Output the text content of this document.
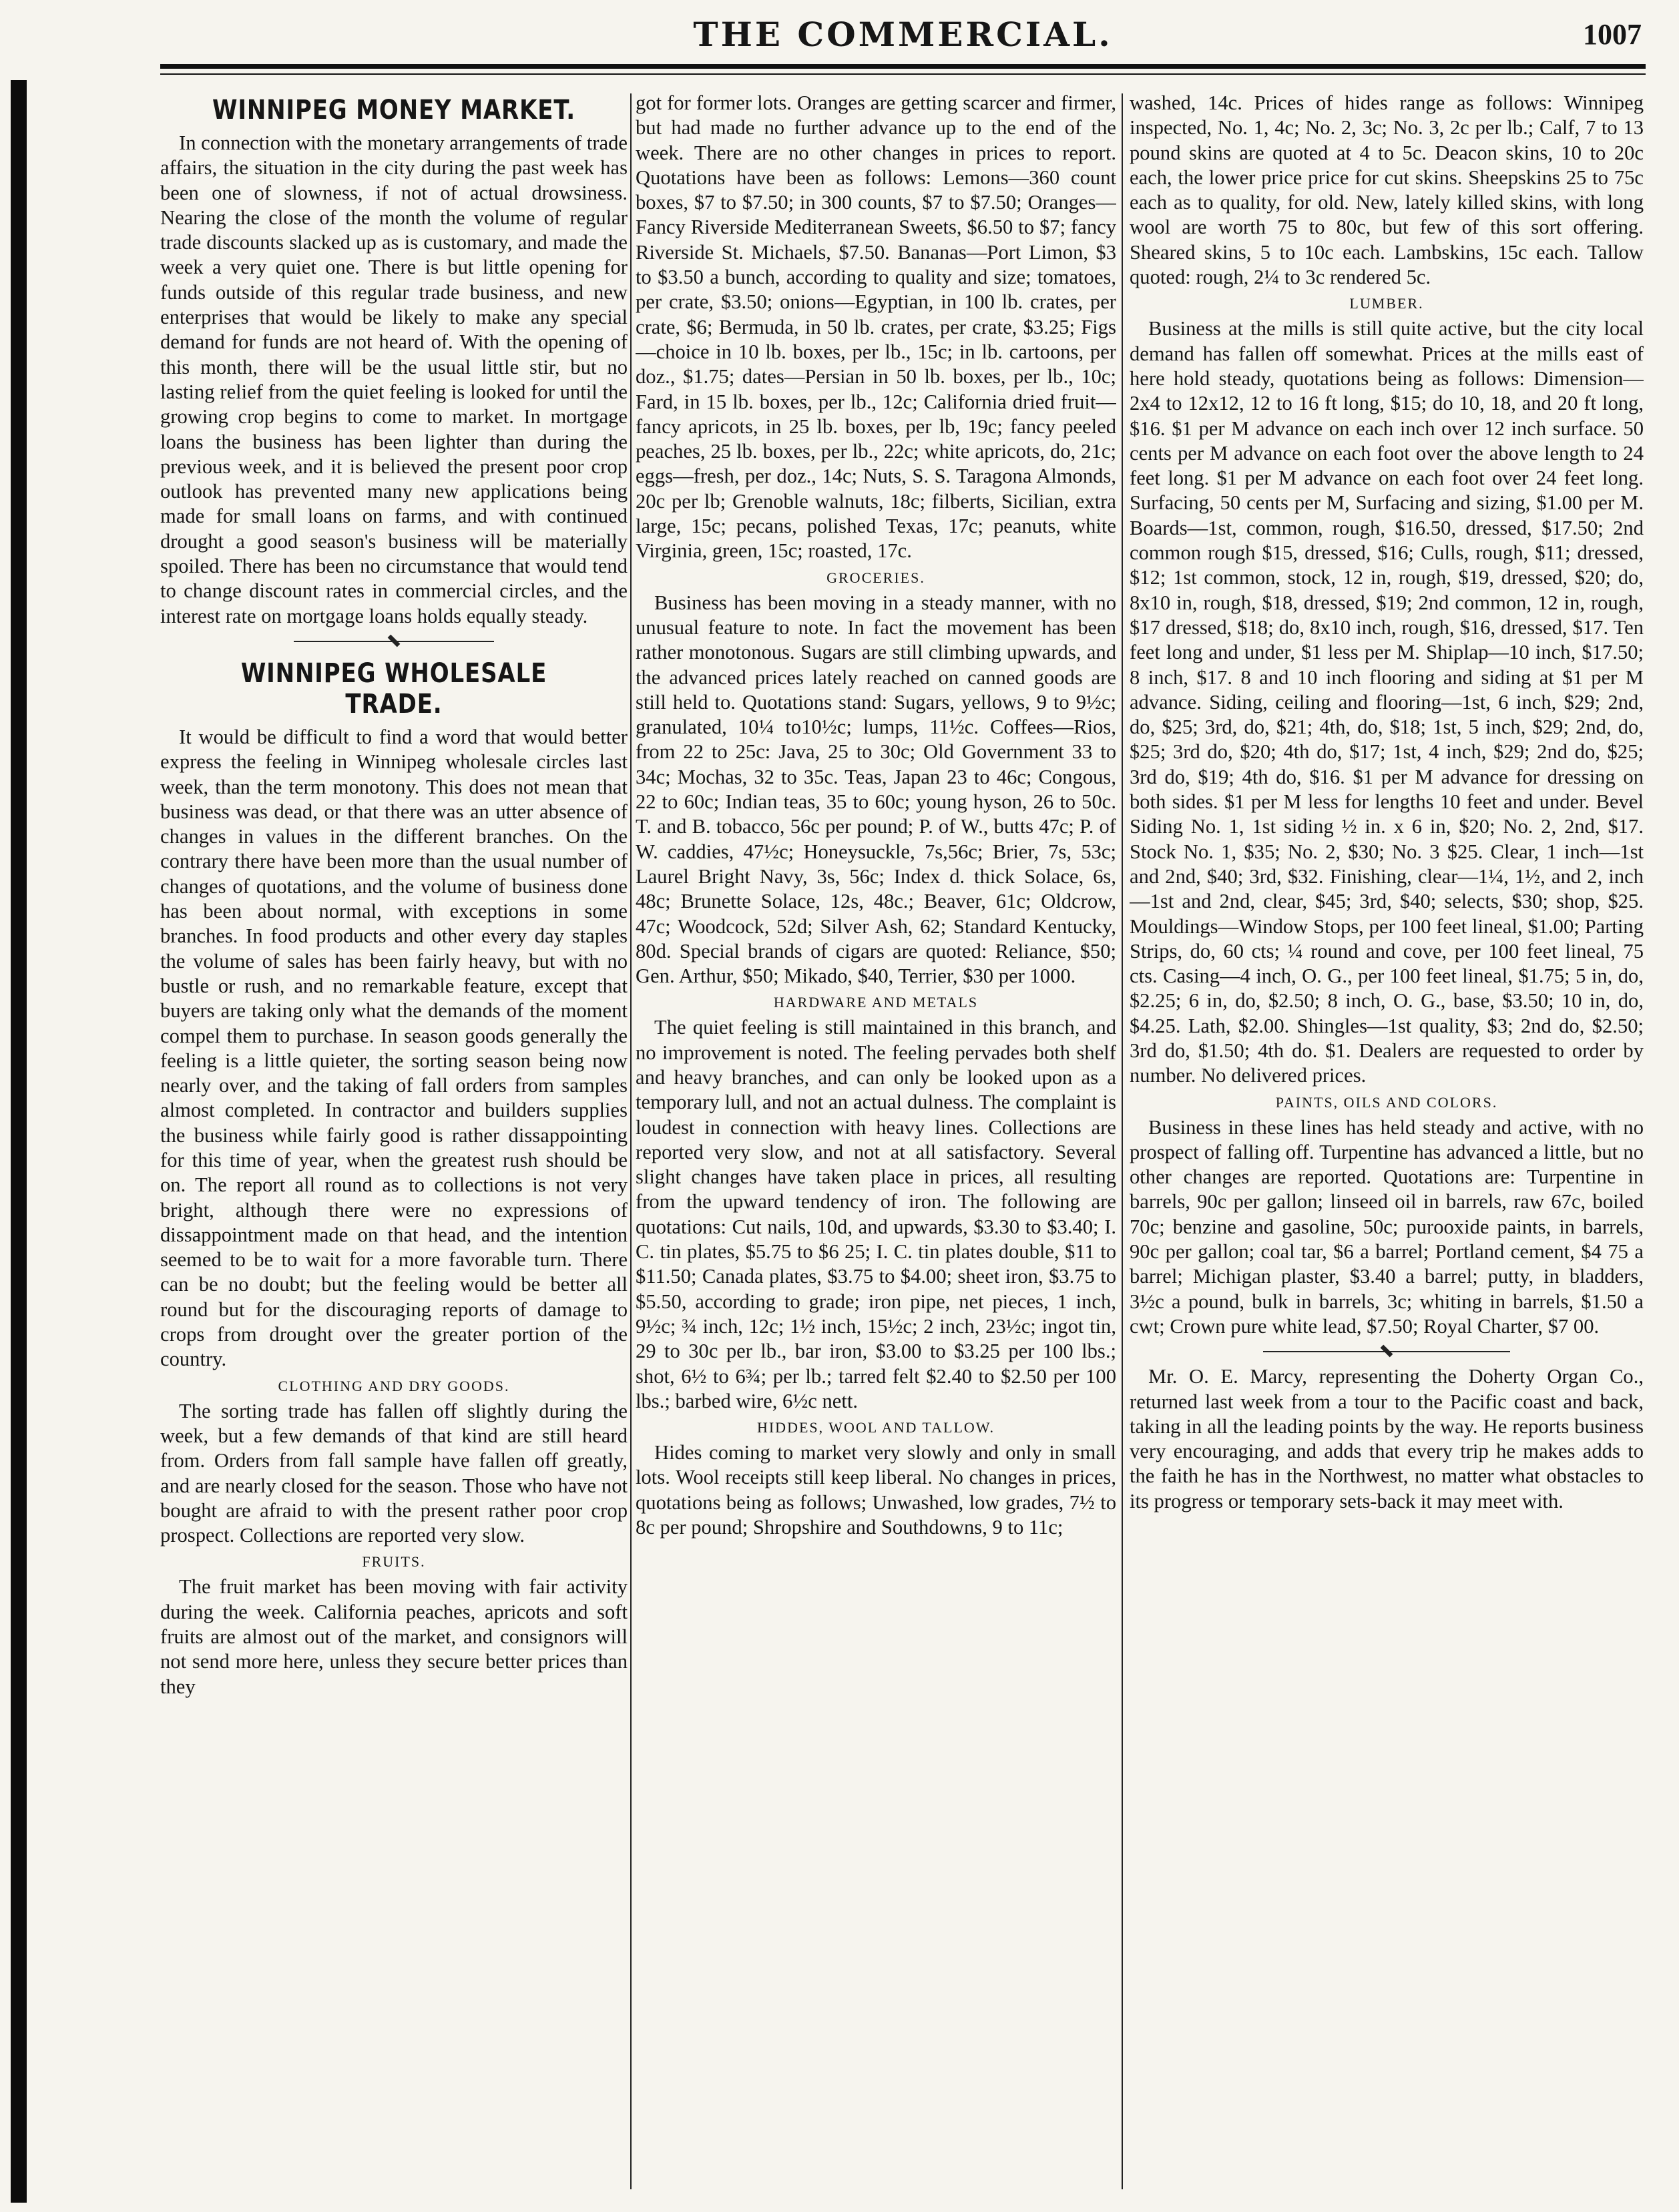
THE COMMERCIAL.	1007
WINNIPEG MONEY MARKET.

In connection with the monetary arrangements of trade affairs, the situation in the city during the past week has been one of slowness, if not of actual drowsiness. Nearing the close of the month the volume of regular trade discounts slacked up as is customary, and made the week a very quiet one. There is but little opening for funds outside of this regular trade business, and new enterprises that would be likely to make any special demand for funds are not heard of. With the opening of this month, there will be the usual little stir, but no lasting relief from the quiet feeling is looked for until the growing crop begins to come to market. In mortgage loans the business has been lighter than during the previous week, and it is believed the present poor crop outlook has prevented many new applications being made for small loans on farms, and with continued drought a good season's business will be materially spoiled. There has been no circumstance that would tend to change discount rates in commercial circles, and the interest rate on mortgage loans holds equally steady.

WINNIPEG WHOLESALE TRADE.

It would be difficult to find a word that would better express the feeling in Winnipeg wholesale circles last week, than the term monotony. This does not mean that business was dead, or that there was an utter absence of changes in values in the different branches. On the contrary there have been more than the usual number of changes of quotations, and the volume of business done has been about normal, with exceptions in some branches. In food products and other every day staples the volume of sales has been fairly heavy, but with no bustle or rush, and no remarkable feature, except that buyers are taking only what the demands of the moment compel them to purchase. In season goods generally the feeling is a little quieter, the sorting season being now nearly over, and the taking of fall orders from samples almost completed. In contractor and builders supplies the business while fairly good is rather dissappointing for this time of year, when the greatest rush should be on. The report all round as to collections is not very bright, although there were no expressions of dissappointment made on that head, and the intention seemed to be to wait for a more favorable turn. There can be no doubt; but the feeling would be better all round but for the discouraging reports of damage to crops from drought over the greater portion of the country.

CLOTHING AND DRY GOODS.

The sorting trade has fallen off slightly during the week, but a few demands of that kind are still heard from. Orders from fall sample have fallen off greatly, and are nearly closed for the season. Those who have not bought are afraid to with the present rather poor crop prospect. Collections are reported very slow.

FRUITS.

The fruit market has been moving with fair activity during the week. California peaches, apricots and soft fruits are almost out of the market, and consignors will not send more here, unless they secure better prices than they

got for former lots. Oranges are getting scarcer and firmer, but had made no further advance up to the end of the week. There are no other changes in prices to report. Quotations have been as follows: Lemons—360 count boxes, $7 to $7.50; in 300 counts, $7 to $7.50; Oranges—Fancy Riverside Mediterranean Sweets, $6.50 to $7; fancy Riverside St. Michaels, $7.50. Bananas—Port Limon, $3 to $3.50 a bunch, according to quality and size; tomatoes, per crate, $3.50; onions—Egyptian, in 100 lb. crates, per crate, $6; Bermuda, in 50 lb. crates, per crate, $3.25; Figs—choice in 10 lb. boxes, per lb., 15c; in lb. cartoons, per doz., $1.75; dates—Persian in 50 lb. boxes, per lb., 10c; Fard, in 15 lb. boxes, per lb., 12c; California dried fruit—fancy apricots, in 25 lb. boxes, per lb, 19c; fancy peeled peaches, 25 lb. boxes, per lb., 22c; white apricots, do, 21c; eggs—fresh, per doz., 14c; Nuts, S. S. Taragona Almonds, 20c per lb; Grenoble walnuts, 18c; filberts, Sicilian, extra large, 15c; pecans, polished Texas, 17c; peanuts, white Virginia, green, 15c; roasted, 17c.

GROCERIES.

Business has been moving in a steady manner, with no unusual feature to note. In fact the movement has been rather monotonous. Sugars are still climbing upwards, and the advanced prices lately reached on canned goods are still held to. Quotations stand: Sugars, yellows, 9 to 9½c; granulated, 10¼ to10½c; lumps, 11½c. Coffees—Rios, from 22 to 25c: Java, 25 to 30c; Old Government 33 to 34c; Mochas, 32 to 35c. Teas, Japan 23 to 46c; Congous, 22 to 60c; Indian teas, 35 to 60c; young hyson, 26 to 50c. T. and B. tobacco, 56c per pound; P. of W., butts 47c; P. of W. caddies, 47½c; Honeysuckle, 7s,56c; Brier, 7s, 53c; Laurel Bright Navy, 3s, 56c; Index d. thick Solace, 6s, 48c; Brunette Solace, 12s, 48c.; Beaver, 61c; Oldcrow, 47c; Woodcock, 52d; Silver Ash, 62; Standard Kentucky, 80d. Special brands of cigars are quoted: Reliance, $50; Gen. Arthur, $50; Mikado, $40, Terrier, $30 per 1000.

HARDWARE AND METALS

The quiet feeling is still maintained in this branch, and no improvement is noted. The feeling pervades both shelf and heavy branches, and can only be looked upon as a temporary lull, and not an actual dulness. The complaint is loudest in connection with heavy lines. Collections are reported very slow, and not at all satisfactory. Several slight changes have taken place in prices, all resulting from the upward tendency of iron. The following are quotations: Cut nails, 10d, and upwards, $3.30 to $3.40; I. C. tin plates, $5.75 to $6 25; I. C. tin plates double, $11 to $11.50; Canada plates, $3.75 to $4.00; sheet iron, $3.75 to $5.50, according to grade; iron pipe, net pieces, 1 inch, 9½c; ¾ inch, 12c; 1½ inch, 15½c; 2 inch, 23½c; ingot tin, 29 to 30c per lb., bar iron, $3.00 to $3.25 per 100 lbs.; shot, 6½ to 6¾; per lb.; tarred felt $2.40 to $2.50 per 100 lbs.; barbed wire, 6½c nett.

HIDDES, WOOL AND TALLOW.

Hides coming to market very slowly and only in small lots. Wool receipts still keep liberal. No changes in prices, quotations being as follows; Unwashed, low grades, 7½ to 8c per pound; Shropshire and Southdowns, 9 to 11c;

washed, 14c. Prices of hides range as follows: Winnipeg inspected, No. 1, 4c; No. 2, 3c; No. 3, 2c per lb.; Calf, 7 to 13 pound skins are quoted at 4 to 5c. Deacon skins, 10 to 20c each, the lower price price for cut skins. Sheepskins 25 to 75c each as to quality, for old. New, lately killed skins, with long wool are worth 75 to 80c, but few of this sort offering. Sheared skins, 5 to 10c each. Lambskins, 15c each. Tallow quoted: rough, 2¼ to 3c rendered 5c.

LUMBER.

Business at the mills is still quite active, but the city local demand has fallen off somewhat. Prices at the mills east of here hold steady, quotations being as follows: Dimension—2x4 to 12x12, 12 to 16 ft long, $15; do 10, 18, and 20 ft long, $16. $1 per M advance on each inch over 12 inch surface. 50 cents per M advance on each foot over the above length to 24 feet long. $1 per M advance on each foot over 24 feet long. Surfacing, 50 cents per M, Surfacing and sizing, $1.00 per M. Boards—1st, common, rough, $16.50, dressed, $17.50; 2nd common rough $15, dressed, $16; Culls, rough, $11; dressed, $12; 1st common, stock, 12 in, rough, $19, dressed, $20; do, 8x10 in, rough, $18, dressed, $19; 2nd common, 12 in, rough, $17 dressed, $18; do, 8x10 inch, rough, $16, dressed, $17. Ten feet long and under, $1 less per M. Shiplap—10 inch, $17.50; 8 inch, $17. 8 and 10 inch flooring and siding at $1 per M advance. Siding, ceiling and flooring—1st, 6 inch, $29; 2nd, do, $25; 3rd, do, $21; 4th, do, $18; 1st, 5 inch, $29; 2nd, do, $25; 3rd do, $20; 4th do, $17; 1st, 4 inch, $29; 2nd do, $25; 3rd do, $19; 4th do, $16. $1 per M advance for dressing on both sides. $1 per M less for lengths 10 feet and under. Bevel Siding No. 1, 1st siding ½ in. x 6 in, $20; No. 2, 2nd, $17. Stock No. 1, $35; No. 2, $30; No. 3 $25. Clear, 1 inch—1st and 2nd, $40; 3rd, $32. Finishing, clear—1¼, 1½, and 2, inch—1st and 2nd, clear, $45; 3rd, $40; selects, $30; shop, $25. Mouldings—Window Stops, per 100 feet lineal, $1.00; Parting Strips, do, 60 cts; ¼ round and cove, per 100 feet lineal, 75 cts. Casing—4 inch, O. G., per 100 feet lineal, $1.75; 5 in, do, $2.25; 6 in, do, $2.50; 8 inch, O. G., base, $3.50; 10 in, do, $4.25. Lath, $2.00. Shingles—1st quality, $3; 2nd do, $2.50; 3rd do, $1.50; 4th do. $1. Dealers are requested to order by number. No delivered prices.

PAINTS, OILS AND COLORS.

Business in these lines has held steady and active, with no prospect of falling off. Turpentine has advanced a little, but no other changes are reported. Quotations are: Turpentine in barrels, 90c per gallon; linseed oil in barrels, raw 67c, boiled 70c; benzine and gasoline, 50c; purooxide paints, in barrels, 90c per gallon; coal tar, $6 a barrel; Portland cement, $4 75 a barrel; Michigan plaster, $3.40 a barrel; putty, in bladders, 3½c a pound, bulk in barrels, 3c; whiting in barrels, $1.50 a cwt; Crown pure white lead, $7.50; Royal Charter, $7 00.

Mr. O. E. Marcy, representing the Doherty Organ Co., returned last week from a tour to the Pacific coast and back, taking in all the leading points by the way. He reports business very encouraging, and adds that every trip he makes adds to the faith he has in the Northwest, no matter what obstacles to its progress or temporary sets-back it may meet with.
